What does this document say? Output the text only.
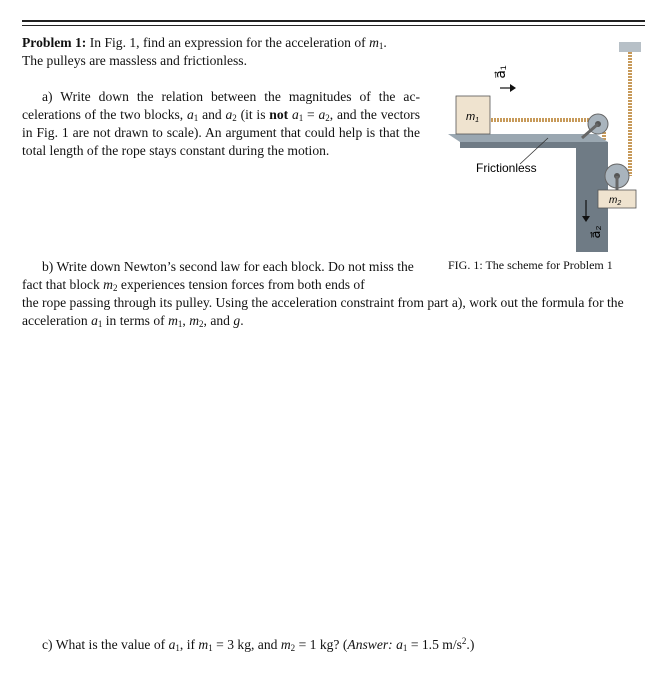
Problem 1: In Fig. 1, find an expression for the acceleration of $m_1$.
The pulleys are massless and frictionless.

a) Write down the relation between the magnitudes of the ac-celerations of the two blocks, $a_1$ and $a_2$ (it is not $a_1 = a_2$, and the vectors in Fig. 1 are not drawn to scale). An argument that could help is that the total length of the rope stays constant during the motion.

m1
$m_2$
a⃗₁
a⃗₂
Frictionless
FIG. 1: The scheme for Problem 1

b) Write down Newton’s second law for each block. Do not miss the fact that block $m_2$ experiences tension forces from both ends of

the rope passing through its pulley. Using the acceleration constraint from part a), work out the formula for the acceleration $a_1$ in terms of $m_1$, $m_2$, and g.

c) What is the value of $a_1$, if $m_1 = 3$ kg, and $m_2 = 1$ kg? (Answer: $a_1 = 1.5$ $m/s^2$.)
